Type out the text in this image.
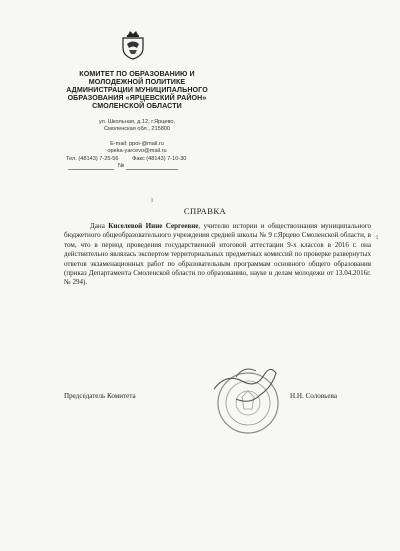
КОМИТЕТ ПО ОБРАЗОВАНИЮ И
МОЛОДЕЖНОЙ ПОЛИТИКЕ
АДМИНИСТРАЦИИ МУНИЦИПАЛЬНОГО
ОБРАЗОВАНИЯ «ЯРЦЕВСКИЙ РАЙОН»
СМОЛЕНСКОЙ ОБЛАСТИ
ул. Школьная, д.12, г.Ярцево,
Смоленская обл., 215800
E-mail: ppoi-@mail.ru
opeka-yarcevo@mail.ru
Тел. (48143) 7-25-56 Факс (48143) 7-10-30
№
ı
ı
СПРАВКА

Дана Киселевой Инне Сергеевне, учителю истории и обществознания муниципального бюджетного общеобразовательного учреждения средней школы № 9 г.Ярцево Смоленской области, в том, что в период проведения государственной итоговой аттестации 9-х классов в 2016 г. она действительно являлась экспертом территориальных предметных комиссий по проверке развернутых ответов экзаменационных работ по образовательным программам основного общего образования (приказ Департамента Смоленской области по образованию, науке и делам молодежи от 13.04.2016г. № 294).

Председатель Комитета	Н.Н. Соловьева
